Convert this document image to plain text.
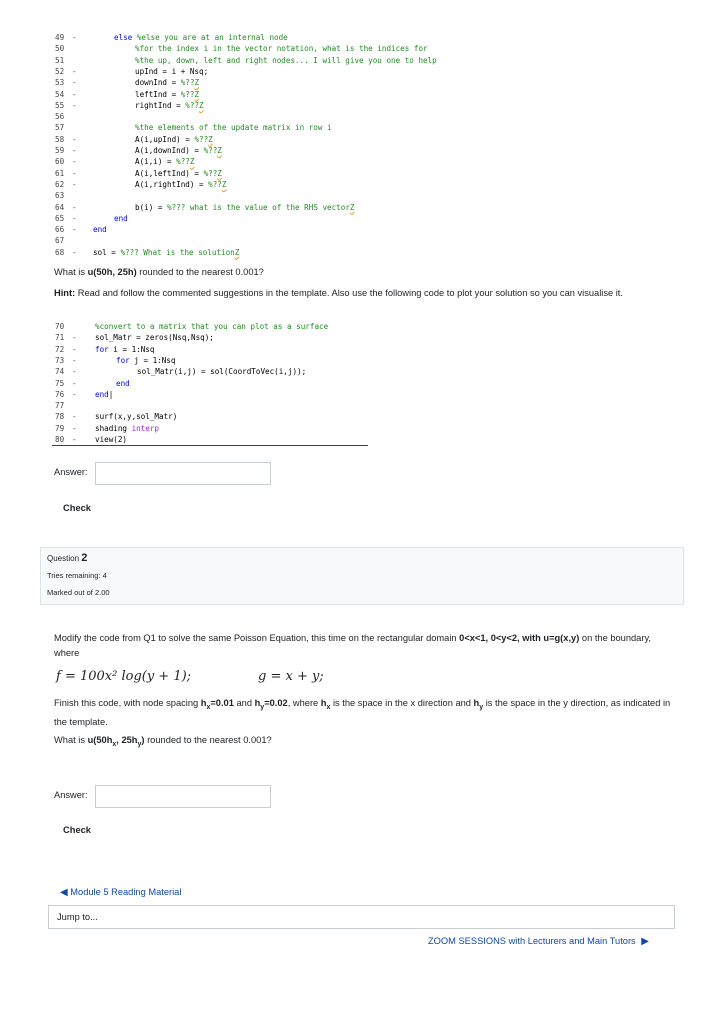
49	-	else %else you are at an internal node
50	%for the index i in the vector notation, what is the indices for
51	%the up, down, left and right nodes... I will give you one to help
52	-	upInd = i + Nsq;
53	-	downInd = %??Z
54	-	leftInd = %??Z
55	-	rightInd = %??Z
56
57	%the elements of the update matrix in row i
58	-	A(i,upInd) = %??Z
59	-	A(i,downInd) = %??Z
60	-	A(i,i) = %??Z
61	-	A(i,leftInd) = %??Z
62	-	A(i,rightInd) = %??Z
63
64	-	b(i) = %??? what is the value of the RHS vectorZ
65	-	end
66	- end
67
68	- sol = %??? What is the solutionZ

What is u(50h, 25h) rounded to the nearest 0.001?

Hint: Read and follow the commented suggestions in the template. Also use the following code to plot your solution so you can visualise it.

70	%convert to a matrix that you can plot as a surface
71	- sol_Matr = zeros(Nsq,Nsq);
72	- for i = 1:Nsq
73	-	for j = 1:Nsq
74	-	sol_Matr(i,j) = sol(CoordToVec(i,j));
75	-	end
76	- end|
77
78	- surf(x,y,sol_Matr)
79	- shading interp
80	- view(2)
Answer:
Check
Question 2
Tries remaining: 4
Marked out of 2.00

Modify the code from Q1 to solve the same Poisson Equation, this time on the rectangular domain 0<x<1, 0<y<2, with u=g(x,y) on the boundary, where

f = 100x² log(y + 1);	g = x + y;

Finish this code, with node spacing $h_x=0.01$ and $h_y=0.02$, where $h_x$ is the space in the x direction and $h_y$ is the space in the y direction, as indicated in the template.

What is $u(50h_x$, $25h_y$) rounded to the nearest 0.001?

Answer:
Check
◀ Module 5 Reading Material
Jump to...
ZOOM SESSIONS with Lecturers and Main Tutors ▶
